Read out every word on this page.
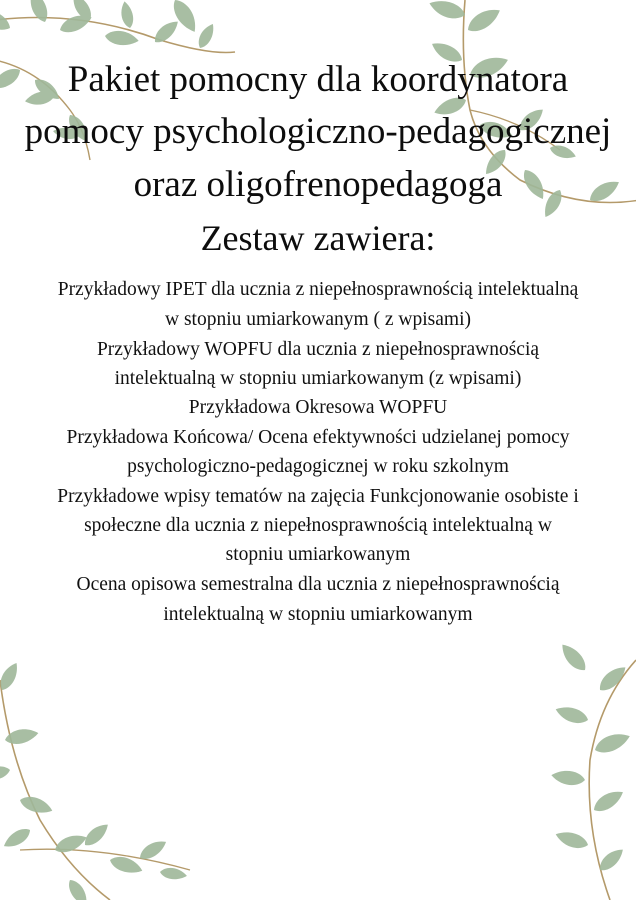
Pakiet pomocny dla koordynatora
pomocy psychologiczno-pedagogicznej
oraz oligofrenopedagoga
Zestaw zawiera:
Przykładowy IPET dla ucznia z niepełnosprawnością intelektualną
w stopniu umiarkowanym ( z wpisami)
Przykładowy WOPFU dla ucznia z niepełnosprawnością
intelektualną w stopniu umiarkowanym (z wpisami)
Przykładowa Okresowa WOPFU
Przykładowa Końcowa/ Ocena efektywności udzielanej pomocy
psychologiczno-pedagogicznej w roku szkolnym
Przykładowe wpisy tematów na zajęcia Funkcjonowanie osobiste i
społeczne dla ucznia z niepełnosprawnością intelektualną w
stopniu umiarkowanym
Ocena opisowa semestralna dla ucznia z niepełnosprawnością
intelektualną w stopniu umiarkowanym
